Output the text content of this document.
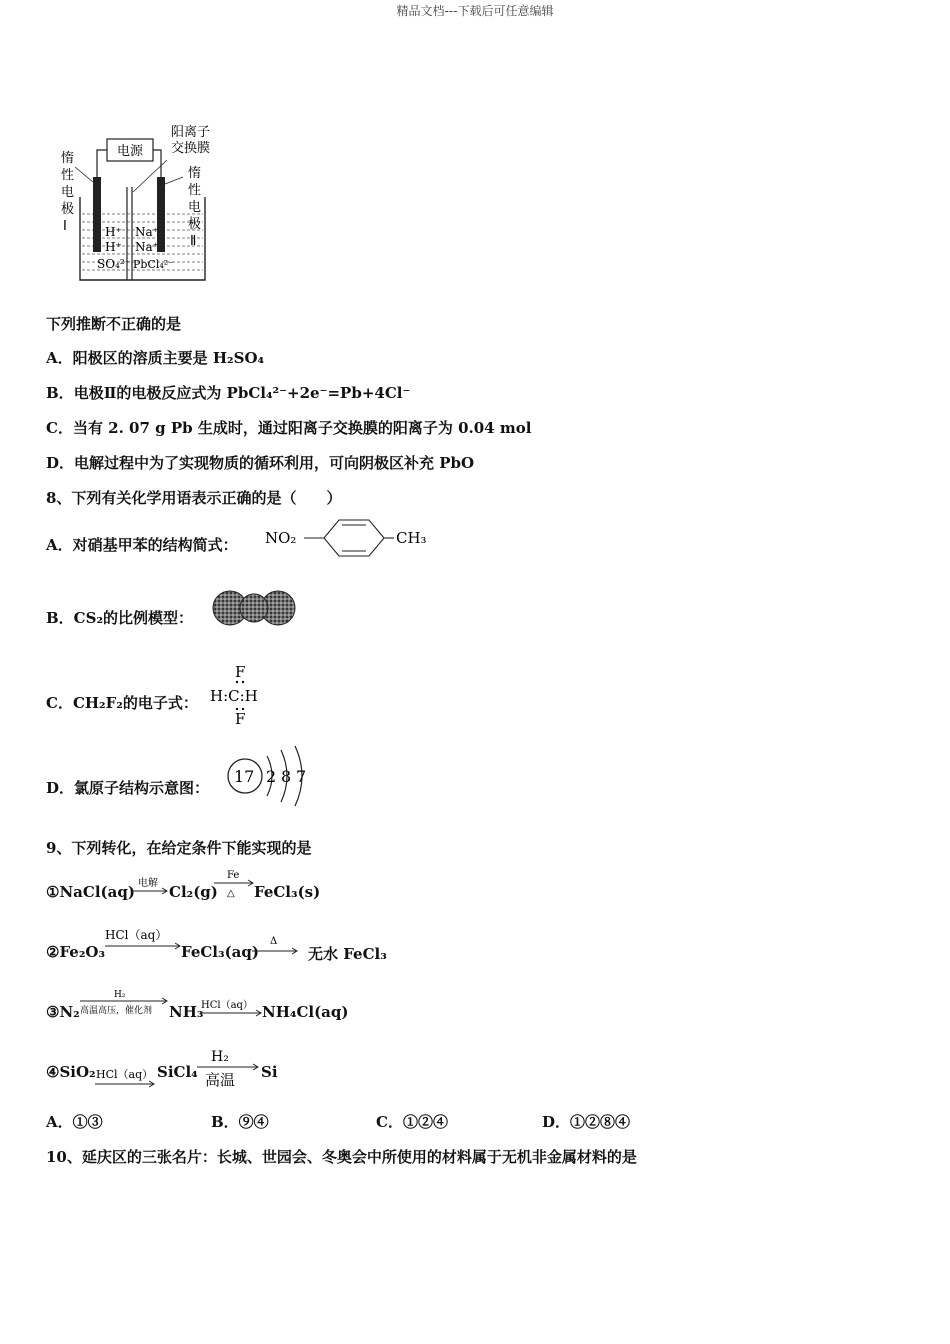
精品文档---下载后可任意编辑
电源
阳离子
交换膜
惰
性
电
极
Ⅰ
惰
性
电
极
Ⅱ
H⁺
H⁺
SO₄²⁻
Na⁺
Na⁺
PbCl₄²⁻
下列推断不正确的是
A．阳极区的溶质主要是 H₂SO₄
B．电极Ⅱ的电极反应式为 PbCl₄²⁻+2e⁻=Pb+4Cl⁻
C．当有 2. 07 g Pb 生成时，通过阳离子交换膜的阳离子为 0.04 mol
D．电解过程中为了实现物质的循环利用，可向阴极区补充 PbO
8、下列有关化学用语表示正确的是（　　）
A．对硝基甲苯的结构简式： NO₂	CH₃
B．CS₂的比例模型：
C．CH₂F₂的电子式：
F
H:C:H
F
D．氯原子结构示意图：
17 2 8 7
9、下列转化，在给定条件下能实现的是
①NaCl(aq) 电解 Cl₂(g)
Fe
△ FeCl₃(s)
②Fe₂O₃
HCl（aq）
FeCl₃(aq)
Δ
无水 FeCl₃
③N₂
H₂
高温高压，催化剂 NH₃
HCl（aq） NH₄Cl(aq)
④SiO₂ HCl（aq） SiCl₄
H₂
高温 Si
A．①③	B．⑨④	C．①②④	D．①②⑧④
10、延庆区的三张名片：长城、世园会、冬奥会中所使用的材料属于无机非金属材料的是
